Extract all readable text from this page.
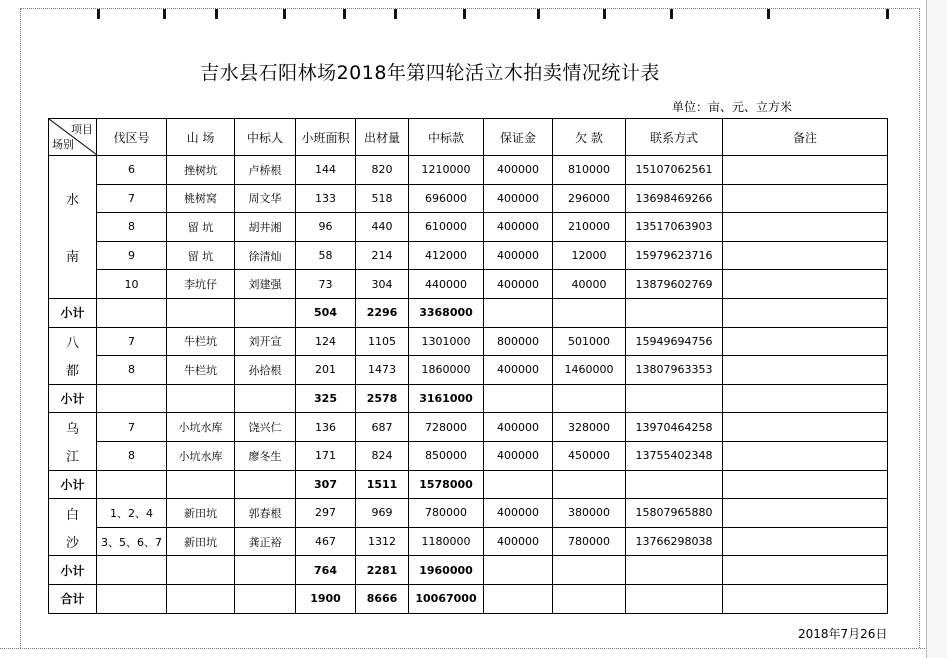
吉水县石阳林场2018年第四轮活立木拍卖情况统计表
单位：亩、元、立方米
项目
场别	伐区号	山 场	中标人	小班面积	出材量	中标款	保证金	欠 款	联系方式	备注
	6	挫树坑	卢桥根	144	820	1210000	400000	810000	15107062561	
水	7	桃树窝	周文华	133	518	696000	400000	296000	13698469266	
	8	留 坑	胡井湘	96	440	610000	400000	210000	13517063903	
南	9	留 坑	徐清灿	58	214	412000	400000	12000	15979623716	
	10	李坑仔	刘建强	73	304	440000	400000	40000	13879602769	
小计				504	2296	3368000				
八	7	牛栏坑	刘开宣	124	1105	1301000	800000	501000	15949694756	
都	8	牛栏坑	孙拾根	201	1473	1860000	400000	1460000	13807963353	
小计				325	2578	3161000				
乌	7	小坑水库	饶兴仁	136	687	728000	400000	328000	13970464258	
江	8	小坑水库	廖冬生	171	824	850000	400000	450000	13755402348	
小计				307	1511	1578000				
白	1、2、4	新田坑	郭春根	297	969	780000	400000	380000	15807965880	
沙	3、5、6、7	新田坑	龚正裕	467	1312	1180000	400000	780000	13766298038	
小计				764	2281	1960000				
合计				1900	8666	10067000				
2018年7月26日
